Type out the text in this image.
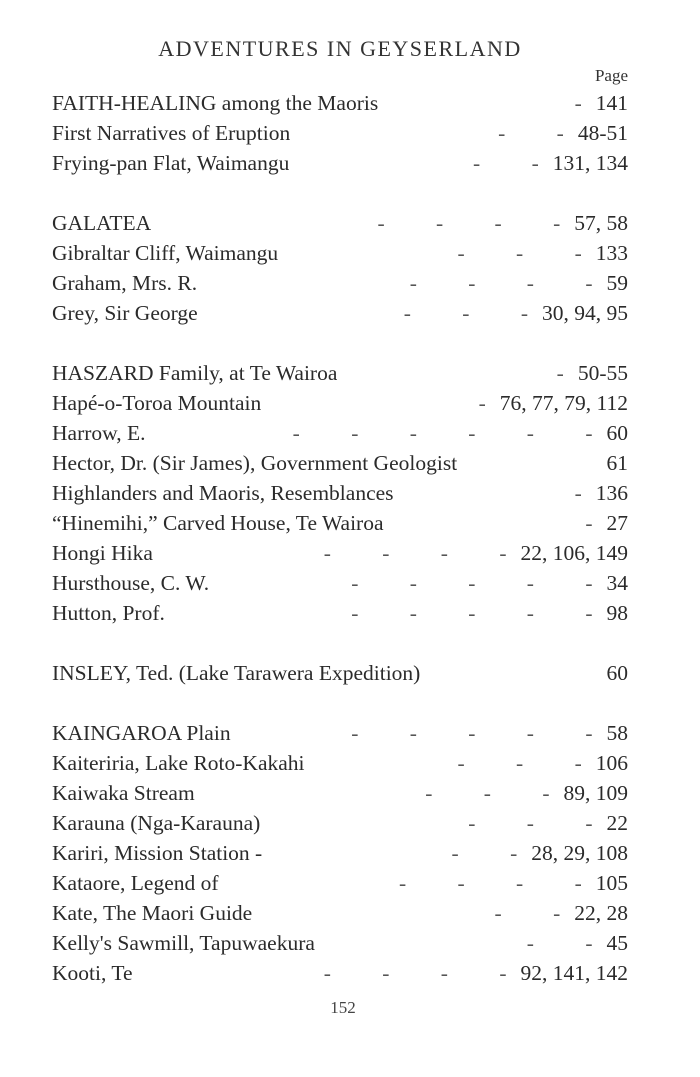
ADVENTURES IN GEYSERLAND
Page
FAITH-HEALING among the Maoris	- 141
First Narratives of Eruption	- - 48-51
Frying-pan Flat, Waimangu	- - 131, 134
GALATEA	- - - - 57, 58
Gibraltar Cliff, Waimangu	- - - 133
Graham, Mrs. R.	- - - - 59
Grey, Sir George	- - - 30, 94, 95
HASZARD Family, at Te Wairoa	- 50-55
Hapé-o-Toroa Mountain	- 76, 77, 79, 112
Harrow, E.	- - - - - - 60
Hector, Dr. (Sir James), Government Geologist	61
Highlanders and Maoris, Resemblances	- 136
“Hinemihi,” Carved House, Te Wairoa	- 27
Hongi Hika	- - - - 22, 106, 149
Hursthouse, C. W.	- - - - - 34
Hutton, Prof.	- - - - - 98
INSLEY, Ted. (Lake Tarawera Expedition)	60
KAINGAROA Plain	- - - - - 58
Kaiteriria, Lake Roto-Kakahi	- - - 106
Kaiwaka Stream	- - - 89, 109
Karauna (Nga-Karauna)	- - - 22
Kariri, Mission Station -	- - 28, 29, 108
Kataore, Legend of	- - - - 105
Kate, The Maori Guide	- - 22, 28
Kelly's Sawmill, Tapuwaekura	- - 45
Kooti, Te	- - - - 92, 141, 142
152
